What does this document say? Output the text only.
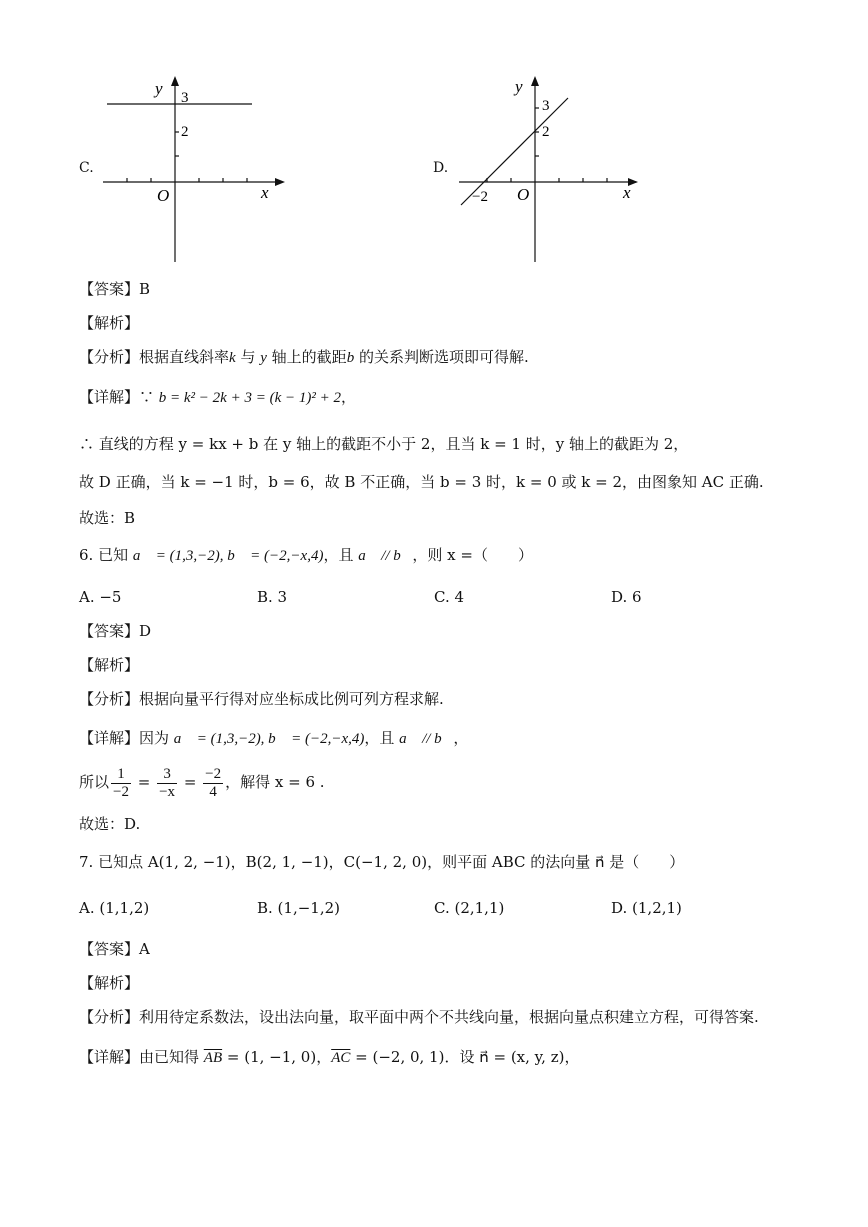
C.
y
x
O
3
2
D.
y
x
O
3
2
−2
【答案】B
【解析】
【分析】根据直线斜率k 与 y 轴上的截距b 的关系判断选项即可得解.
【详解】∵ b = k² − 2k + 3 = (k − 1)² + 2，
∴ 直线的方程 y = kx + b 在 y 轴上的截距不小于 2，且当 k = 1 时，y 轴上的截距为 2，
故 D 正确，当 k = −1 时，b = 6，故 B 不正确，当 b = 3 时，k = 0 或 k = 2，由图象知 AC 正确.
故选：B
6. 已知 a⃗ = (1,3,−2), b⃗ = (−2,−x,4)，且 a⃗ // b⃗，则 x =（　　）
A. −5	B. 3	C. 4	D. 6
【答案】D
【解析】
【分析】根据向量平行得对应坐标成比例可列方程求解.
【详解】因为 a⃗ = (1,3,−2), b⃗ = (−2,−x,4)，且 a⃗ // b⃗，
所以 $\frac{1}{-2} = \frac{3}{-x} = \frac{-2}{4}$ ，解得 x = 6 .
故选：D.
7. 已知点 A(1, 2, −1)，B(2, 1, −1)，C(−1, 2, 0)，则平面 ABC 的法向量 n⃗ 是（　　）
A. (1,1,2)	B. (1,−1,2)	C. (2,1,1)	D. (1,2,1)
【答案】A
【解析】
【分析】利用待定系数法，设出法向量，取平面中两个不共线向量，根据向量点积建立方程，可得答案.
【详解】由已知得 $\overline{AB} = (1$, −1, 0)，$\overline{AC} = (-2$, 0, 1)．设 n⃗ = (x, y, z)，
